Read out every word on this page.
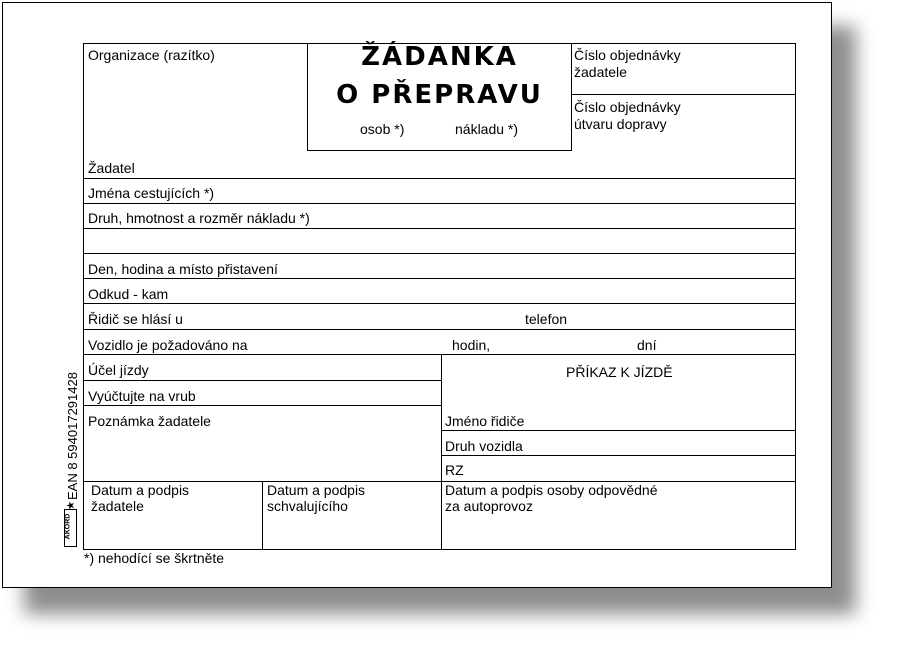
ŽÁDANKA
O PŘEPRAVU
osob *)	nákladu *)
Organizace (razítko)	Číslo objednávky
žadatele
Číslo objednávky
útvaru dopravy
Žadatel
Jména cestujících *)
Druh, hmotnost a rozměr nákladu *)
Den, hodina a místo přistavení
Odkud - kam
Řidič se hlásí u	telefon
Vozidlo je požadováno na	hodin,	dní
Účel jízdy
Vyúčtujte na vrub
Poznámka žadatele
PŘÍKAZ K JÍZDĚ
Jméno řidiče
Druh vozidla
RZ
Datum a podpis
žadatele
Datum a podpis
schvalujícího
Datum a podpis osoby odpovědné
za autoprovoz
*) nehodící se škrtněte
EAN 8 594017291428
★
AKORD
